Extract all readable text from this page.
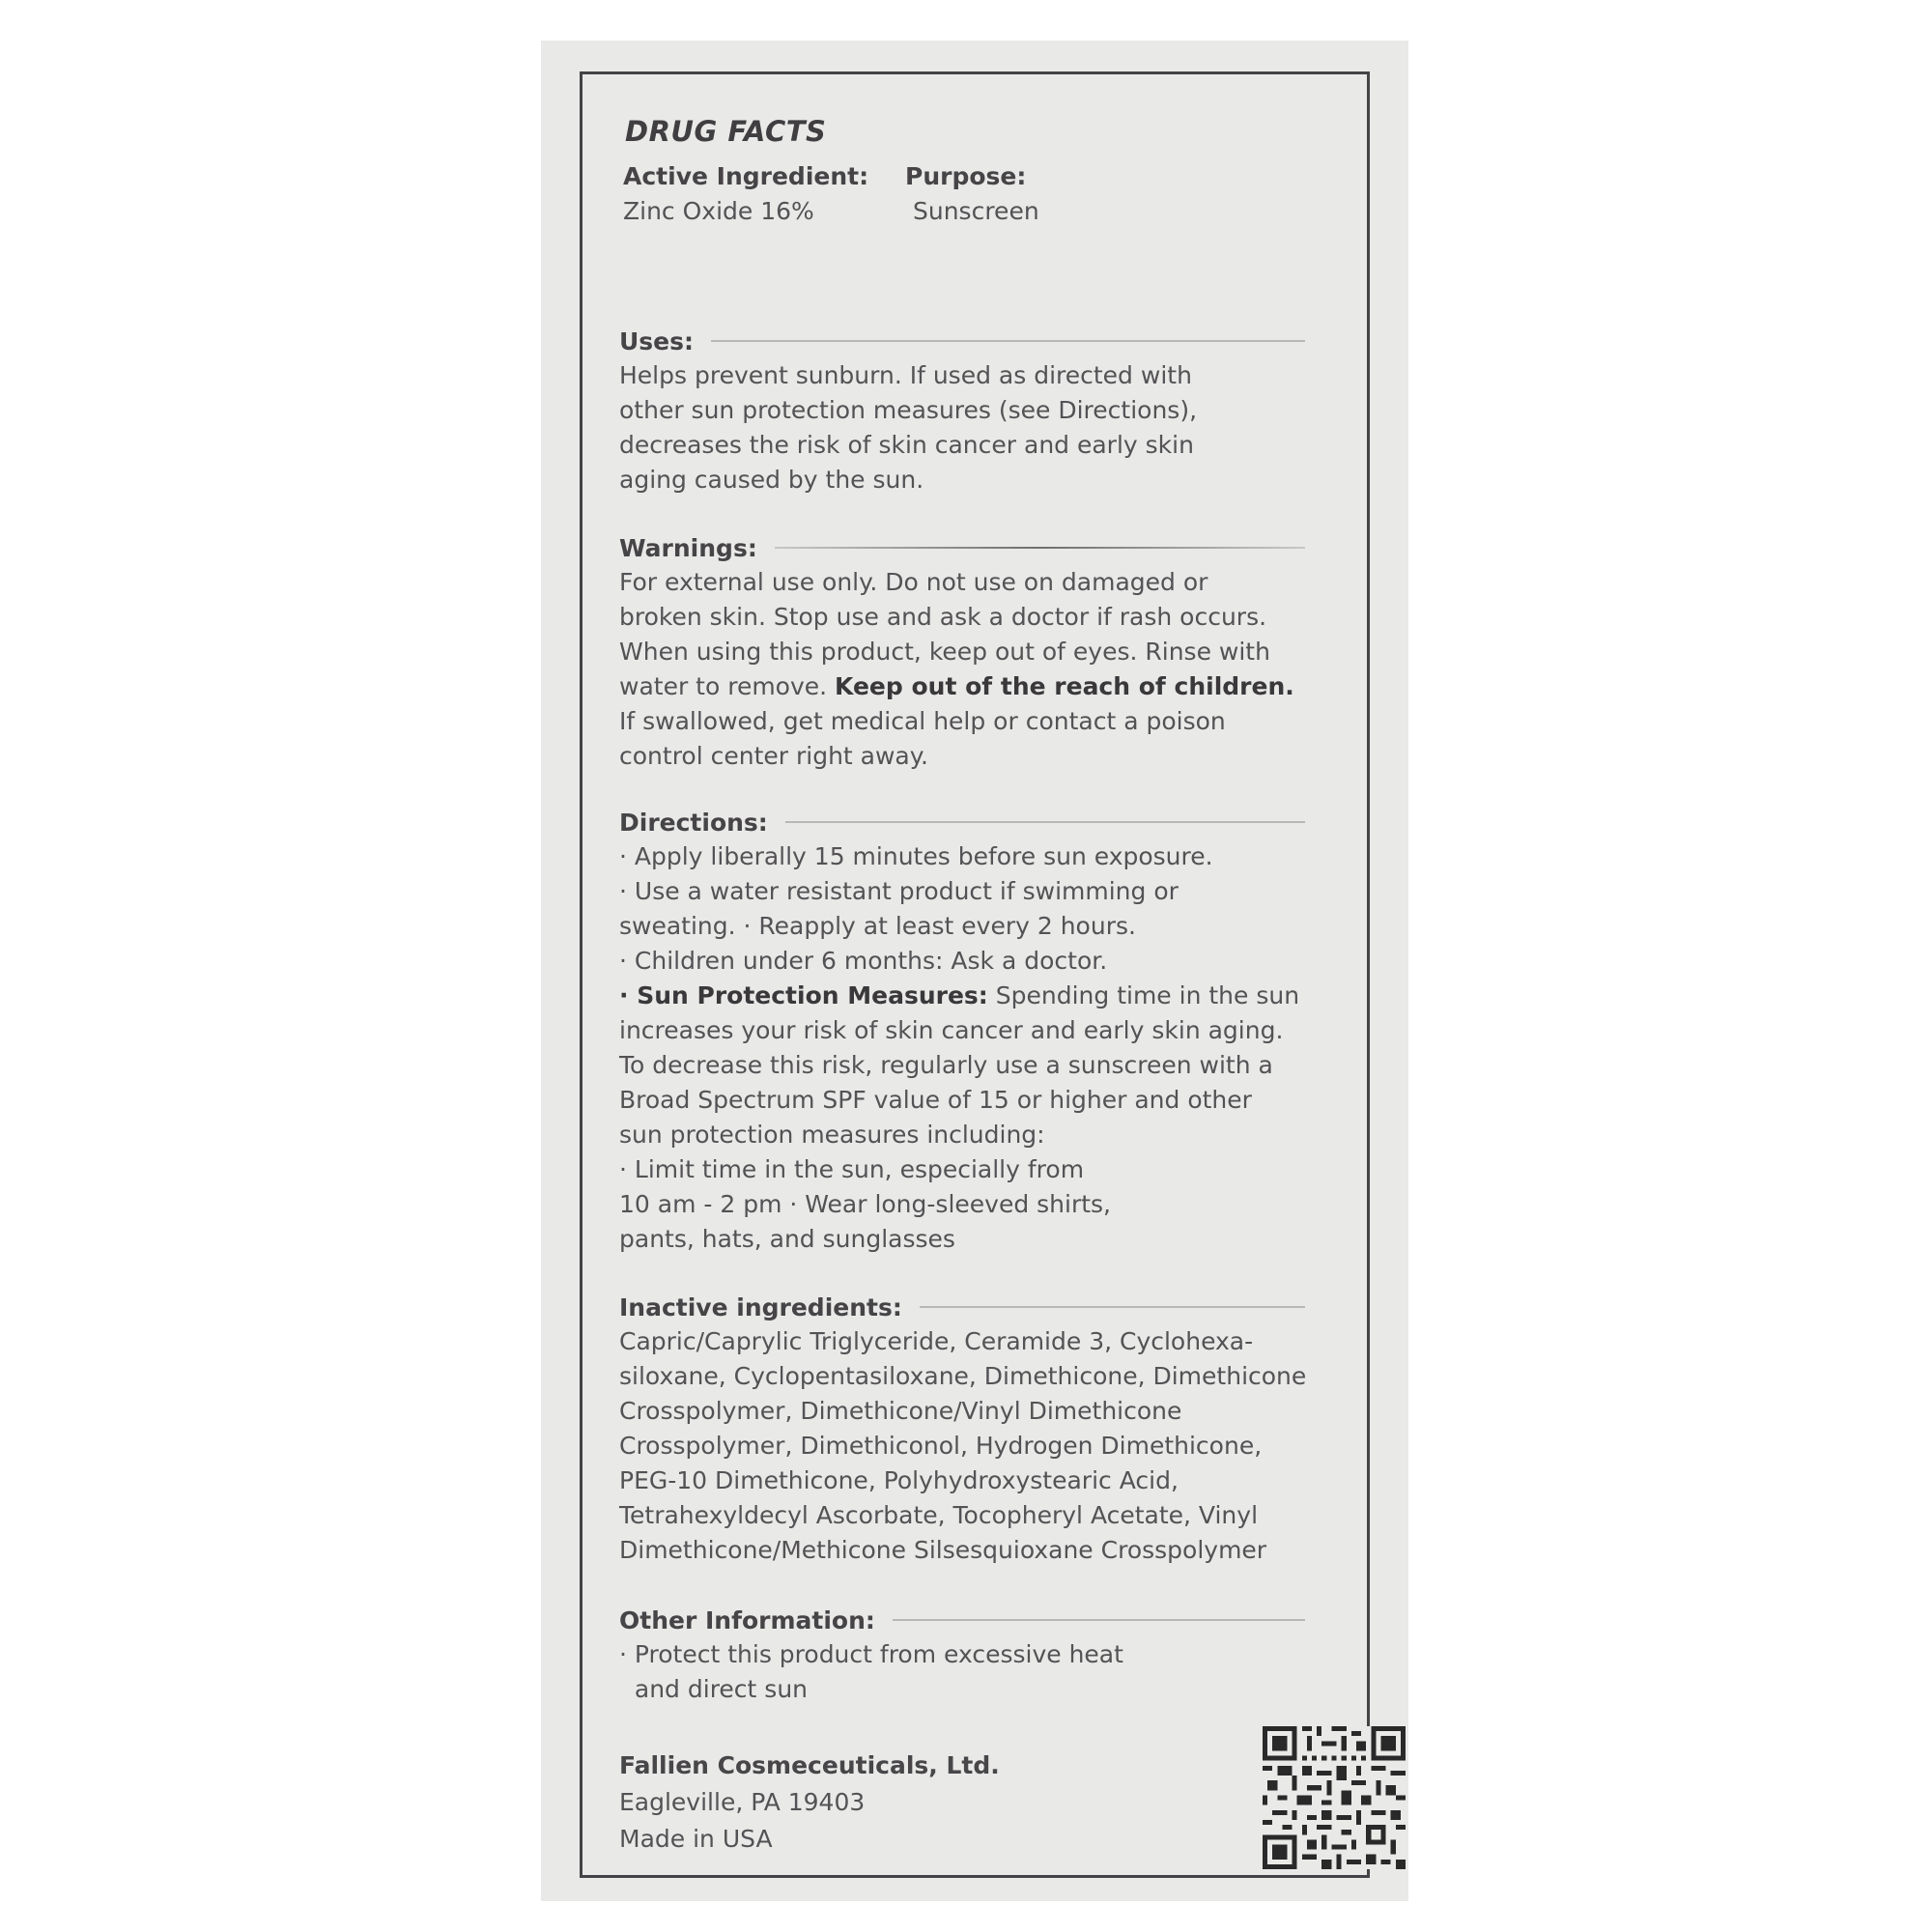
DRUG FACTS
Active Ingredient:
Zinc Oxide 16%
Purpose:
Sunscreen
Uses:
Helps prevent sunburn. If used as directed with
other sun protection measures (see Directions),
decreases the risk of skin cancer and early skin
aging caused by the sun.
Warnings:
For external use only. Do not use on damaged or
broken skin. Stop use and ask a doctor if rash occurs.
When using this product, keep out of eyes. Rinse with
water to remove. Keep out of the reach of children.
If swallowed, get medical help or contact a poison
control center right away.
Directions:
· Apply liberally 15 minutes before sun exposure.
· Use a water resistant product if swimming or
sweating. · Reapply at least every 2 hours.
· Children under 6 months: Ask a doctor.
· Sun Protection Measures: Spending time in the sun
increases your risk of skin cancer and early skin aging.
To decrease this risk, regularly use a sunscreen with a
Broad Spectrum SPF value of 15 or higher and other
sun protection measures including:
· Limit time in the sun, especially from
10 am - 2 pm · Wear long-sleeved shirts,
pants, hats, and sunglasses
Inactive ingredients:
Capric/Caprylic Triglyceride, Ceramide 3, Cyclohexa-
siloxane, Cyclopentasiloxane, Dimethicone, Dimethicone
Crosspolymer, Dimethicone/Vinyl Dimethicone
Crosspolymer, Dimethiconol, Hydrogen Dimethicone,
PEG-10 Dimethicone, Polyhydroxystearic Acid,
Tetrahexyldecyl Ascorbate, Tocopheryl Acetate, Vinyl
Dimethicone/Methicone Silsesquioxane Crosspolymer
Other Information:
· Protect this product from excessive heat
and direct sun
Fallien Cosmeceuticals, Ltd.
Eagleville, PA 19403
Made in USA
